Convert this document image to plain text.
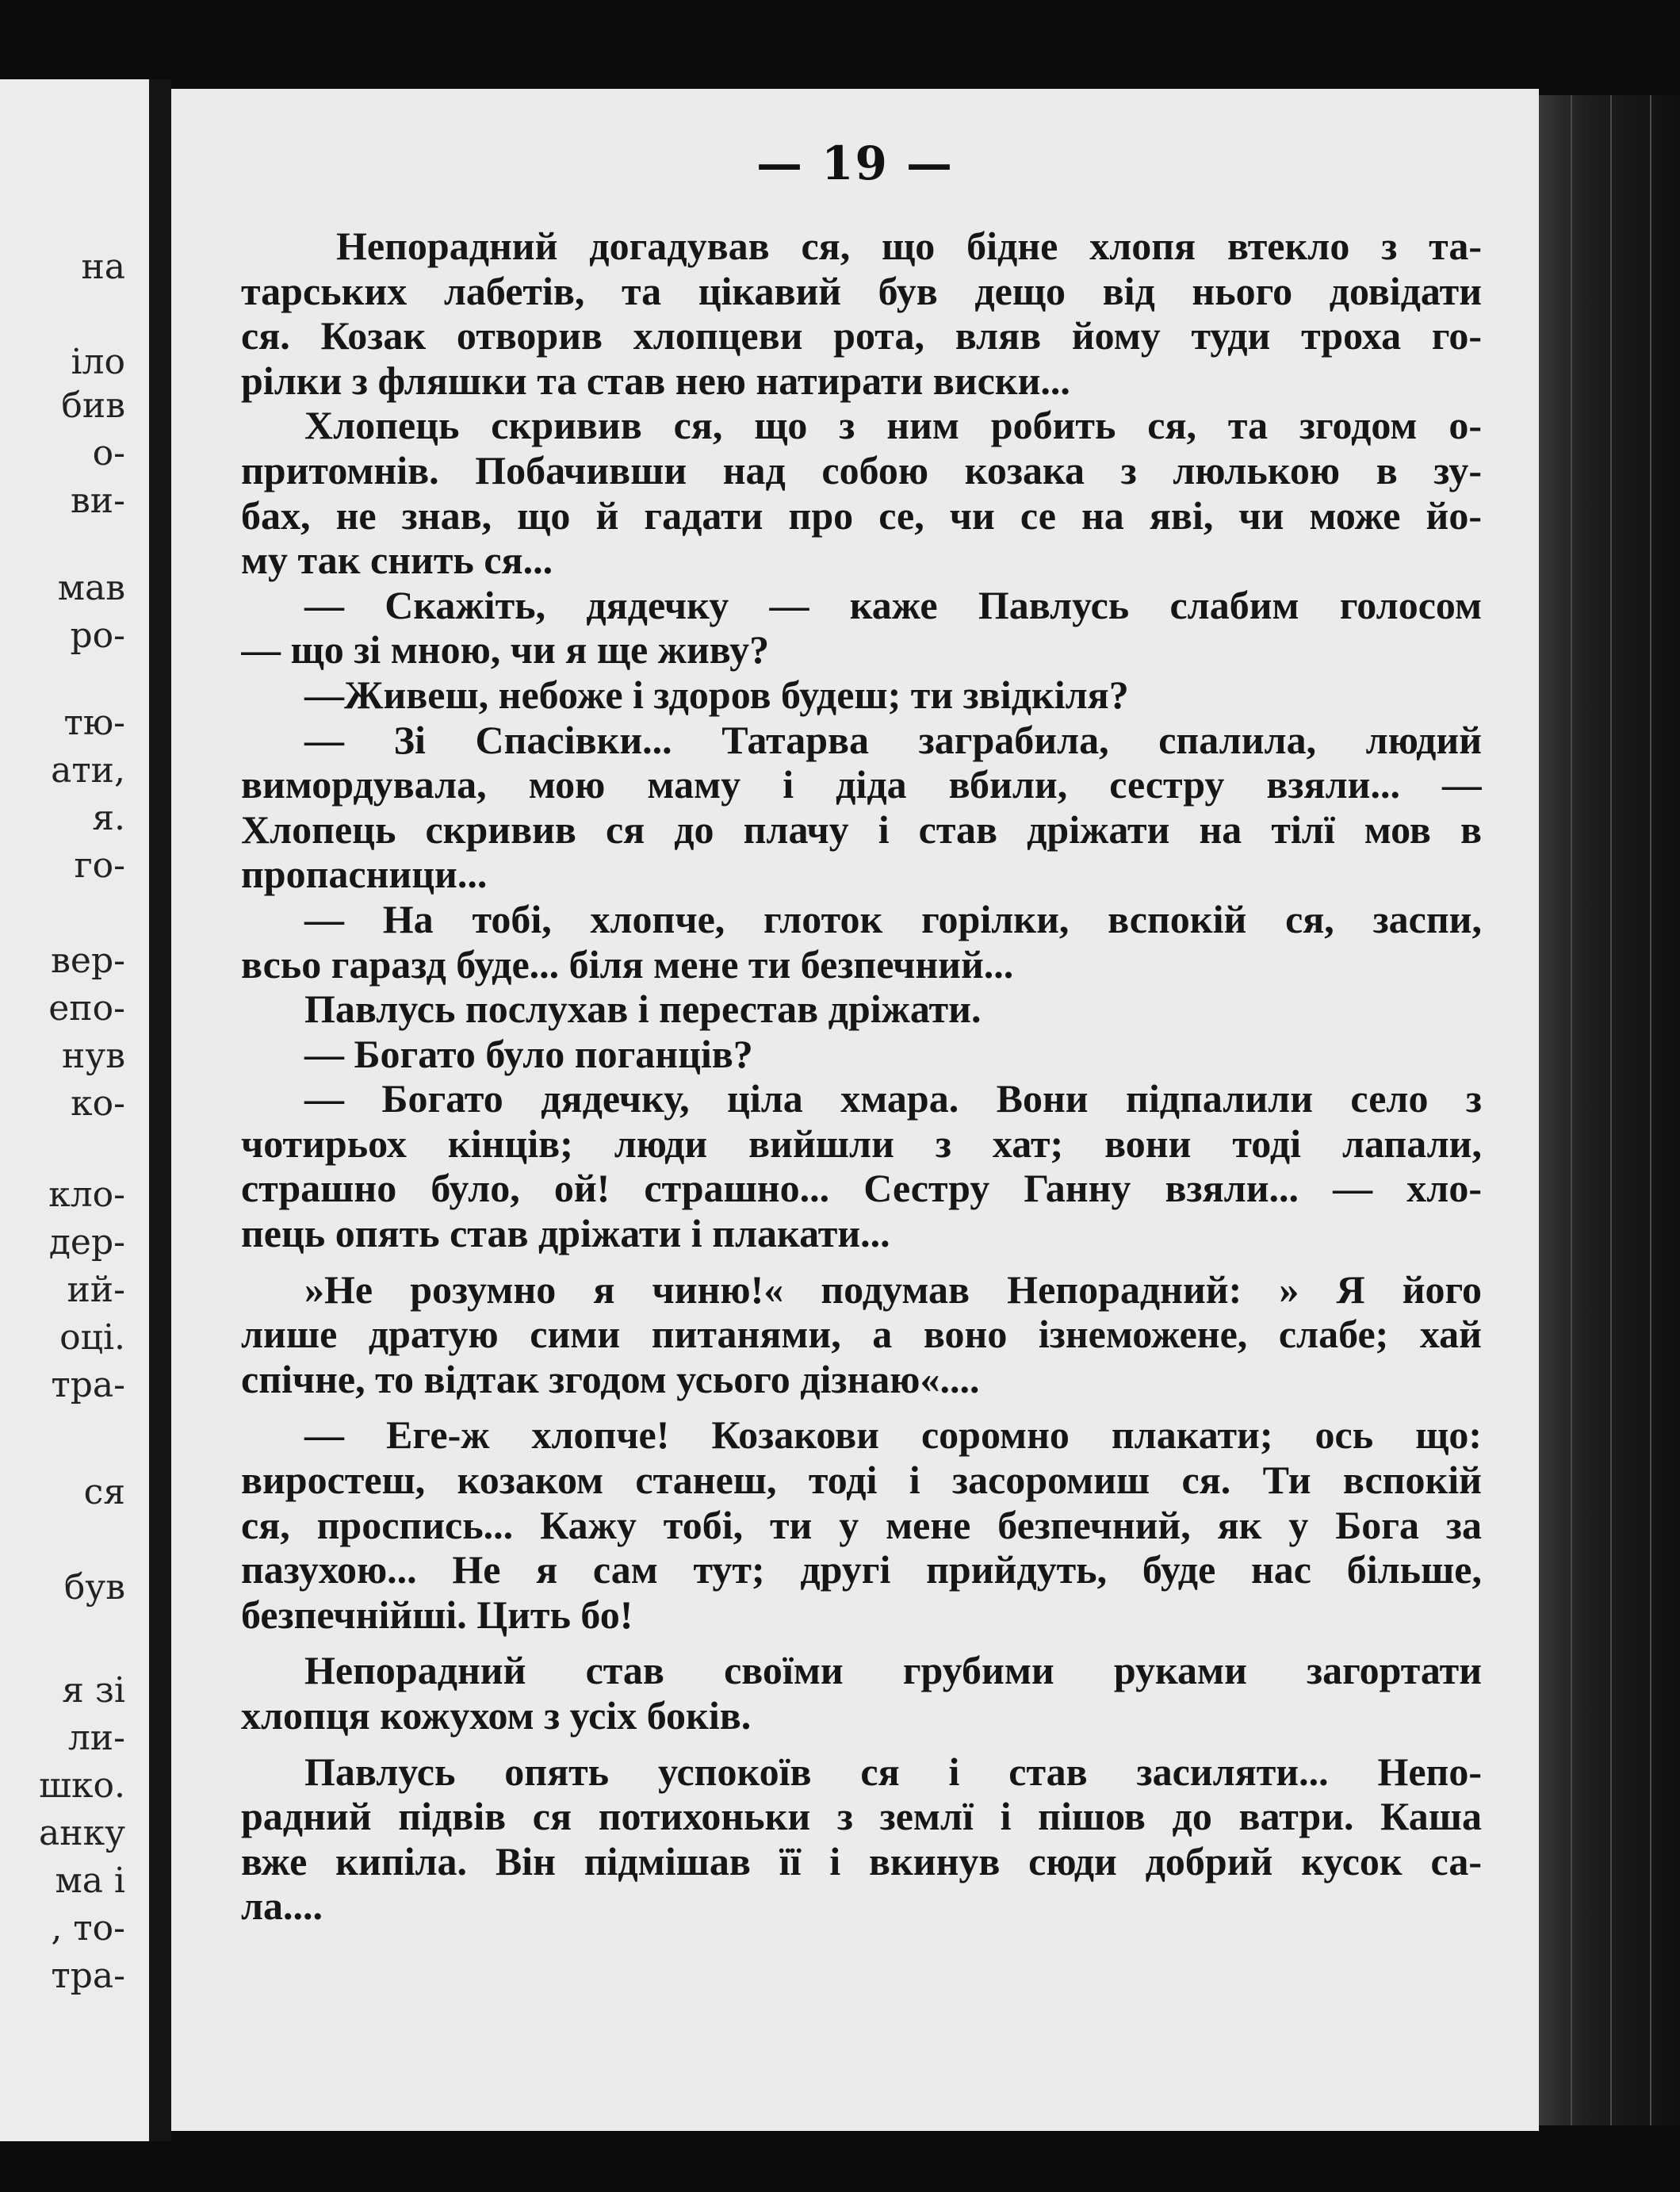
на
іло
бив
о-
ви-
мав
ро-
тю-
ати,
я.
го-
вер-
епо-
нув
ко-
кло-
дер-
ий-
оці.
тра-
ся
був
я зі
ли-
шко.
анку
ма і
, то-
тра-
— 19 —
Непорадний догадував ся, що бідне хлопя втекло з та-
тарських лабетів, та цікавий був дещо від нього довідати
ся. Козак отворив хлопцеви рота, вляв йому туди троха го-
рілки з фляшки та став нею натирати виски...
Хлопець скривив ся, що з ним робить ся, та згодом о-
притомнів. Побачивши над собою козака з люлькою в зу-
бах, не знав, що й гадати про се, чи се на яві, чи може йо-
му так снить ся...
— Скажіть, дядечку — каже Павлусь слабим голосом
— що зі мною, чи я ще живу?
—Живеш, небоже і здоров будеш; ти звідкіля?
— Зі Спасівки... Татарва заграбила, спалила, людий
вимордувала, мою маму і діда вбили, сестру взяли... —
Хлопець скривив ся до плачу і став дріжати на тілї мов в
пропасници...
— На тобі, хлопче, глоток горілки, вспокій ся, заспи,
всьо гаразд буде... біля мене ти безпечний...
Павлусь послухав і перестав дріжати.
— Богато було поганців?
— Богато дядечку, ціла хмара. Вони підпалили село з
чотирьох кінців; люди вийшли з хат; вони тоді лапали,
страшно було, ой! страшно... Сестру Ганну взяли... — хло-
пець опять став дріжати і плакати...
»Не розумно я чиню!« подумав Непорадний: » Я його
лише дратую сими питанями, а воно ізнеможене, слабе; хай
спічне, то відтак згодом усього дізнаю«....
— Еге-ж хлопче! Козакови соромно плакати; ось що:
виростеш, козаком станеш, тоді і засоромиш ся. Ти вспокій
ся, проспись... Кажу тобі, ти у мене безпечний, як у Бога за
пазухою... Не я сам тут; другі прийдуть, буде нас більше,
безпечнійші. Цить бо!
Непорадний став своїми грубими руками загортати
хлопця кожухом з усіх боків.
Павлусь опять успокоїв ся і став засиляти... Непо-
радний підвів ся потихоньки з землї і пішов до ватри. Каша
вже кипіла. Він підмішав її і вкинув сюди добрий кусок са-
ла....
